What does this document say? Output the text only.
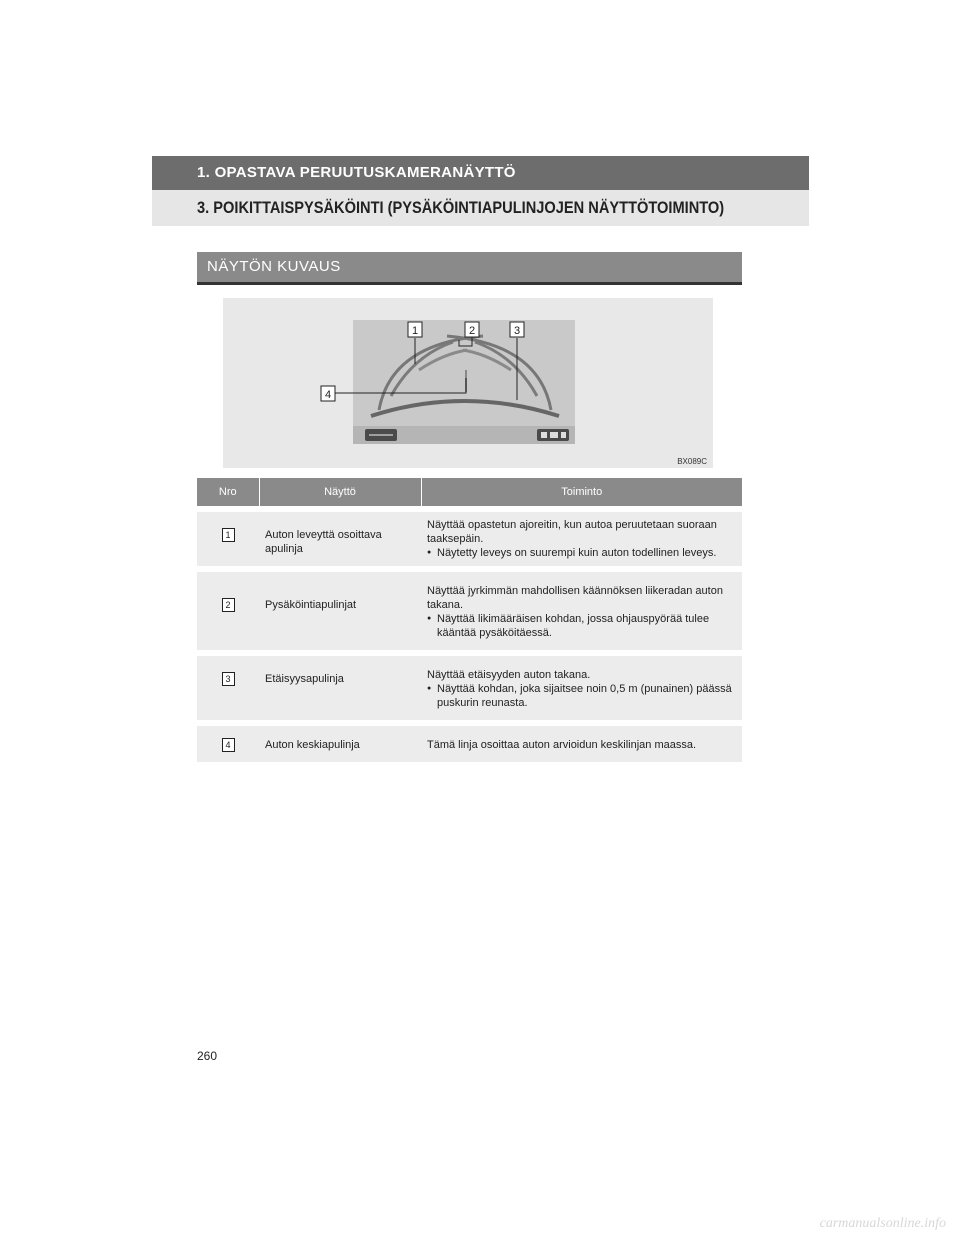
1. OPASTAVA PERUUTUSKAMERANÄYTTÖ
3. POIKITTAISPYSÄKÖINTI (PYSÄKÖINTIAPULINJOJEN NÄYTTÖTOIMINTO)
NÄYTÖN KUVAUS
1	2	3
4
BX089C
Nro	Näyttö	Toiminto
1	Auton leveyttä osoittava apulinja	Näyttää opastetun ajoreitin, kun autoa peruutetaan suoraan taaksepäin.

● Näytetty leveys on suurempi kuin auton todellinen leveys.

2	Pysäköintiapulinjat	Näyttää jyrkimmän mahdollisen käännöksen liikeradan auton takana.

● Näyttää likimääräisen kohdan, jossa ohjauspyörää tulee kääntää pysäköitäessä.

3	Etäisyysapulinja	Näyttää etäisyyden auton takana.

● Näyttää kohdan, joka sijaitsee noin 0,5 m (punainen) päässä puskurin reunasta.

4	Auton keskiapulinja	Tämä linja osoittaa auton arvioidun keskilinjan maassa.

260
carmanualsonline.info
